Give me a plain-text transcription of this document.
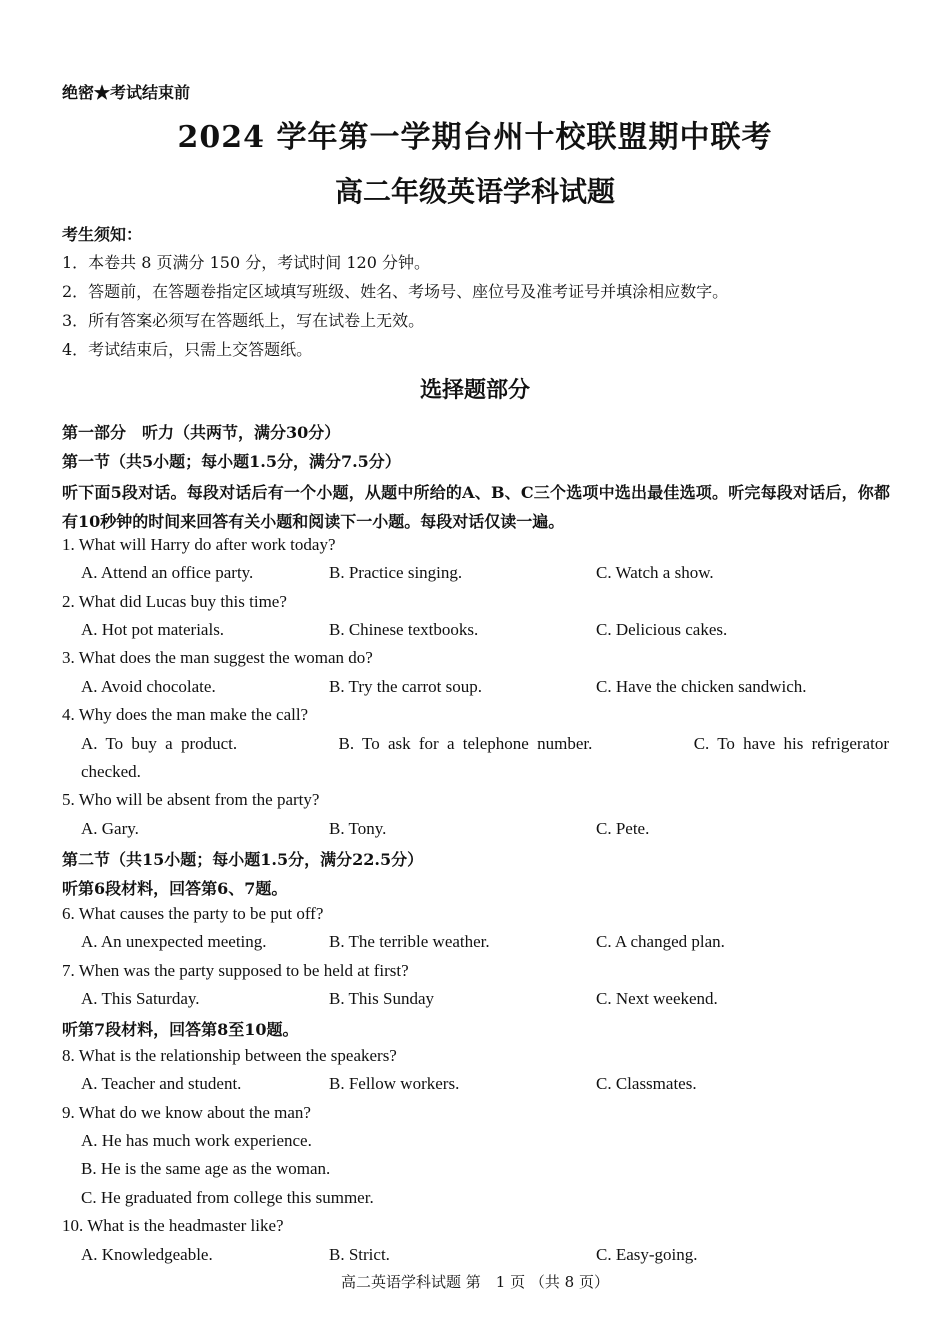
绝密★考试结束前
2024 学年第一学期台州十校联盟期中联考
高二年级英语学科试题
考生须知：
1．本卷共 8 页满分 150 分，考试时间 120 分钟。
2．答题前，在答题卷指定区域填写班级、姓名、考场号、座位号及准考证号并填涂相应数字。
3．所有答案必须写在答题纸上，写在试卷上无效。
4．考试结束后，只需上交答题纸。
选择题部分
第一部分　听力（共两节，满分30分）
第一节（共5小题；每小题1.5分，满分7.5分）
听下面5段对话。每段对话后有一个小题，从题中所给的A、B、C三个选项中选出最佳选项。听完每段对话后，你都有10秒钟的时间来回答有关小题和阅读下一小题。每段对话仅读一遍。
1. What will Harry do after work today?
A. Attend an office party.	B. Practice singing.	C. Watch a show.
2. What did Lucas buy this time?
A. Hot pot materials.	B. Chinese textbooks.	C. Delicious cakes.
3. What does the man suggest the woman do?
A. Avoid chocolate.	B. Try the carrot soup.	C. Have the chicken sandwich.
4. Why does the man make the call?
A. To buy a product.	B. To ask for a telephone number.	C. To have his refrigerator
checked.
5. Who will be absent from the party?
A. Gary.	B. Tony.	C. Pete.
第二节（共15小题；每小题1.5分，满分22.5分）
听第6段材料，回答第6、7题。
6. What causes the party to be put off?
A. An unexpected meeting.	B. The terrible weather.	C. A changed plan.
7. When was the party supposed to be held at first?
A. This Saturday.	B. This Sunday	C. Next weekend.
听第7段材料，回答第8至10题。
8. What is the relationship between the speakers?
A. Teacher and student.	B. Fellow workers.	C. Classmates.
9. What do we know about the man?
A. He has much work experience.
B. He is the same age as the woman.
C. He graduated from college this summer.
10. What is the headmaster like?
A. Knowledgeable.	B. Strict.	C. Easy-going.
高二英语学科试题 第　1 页 （共 8 页）
